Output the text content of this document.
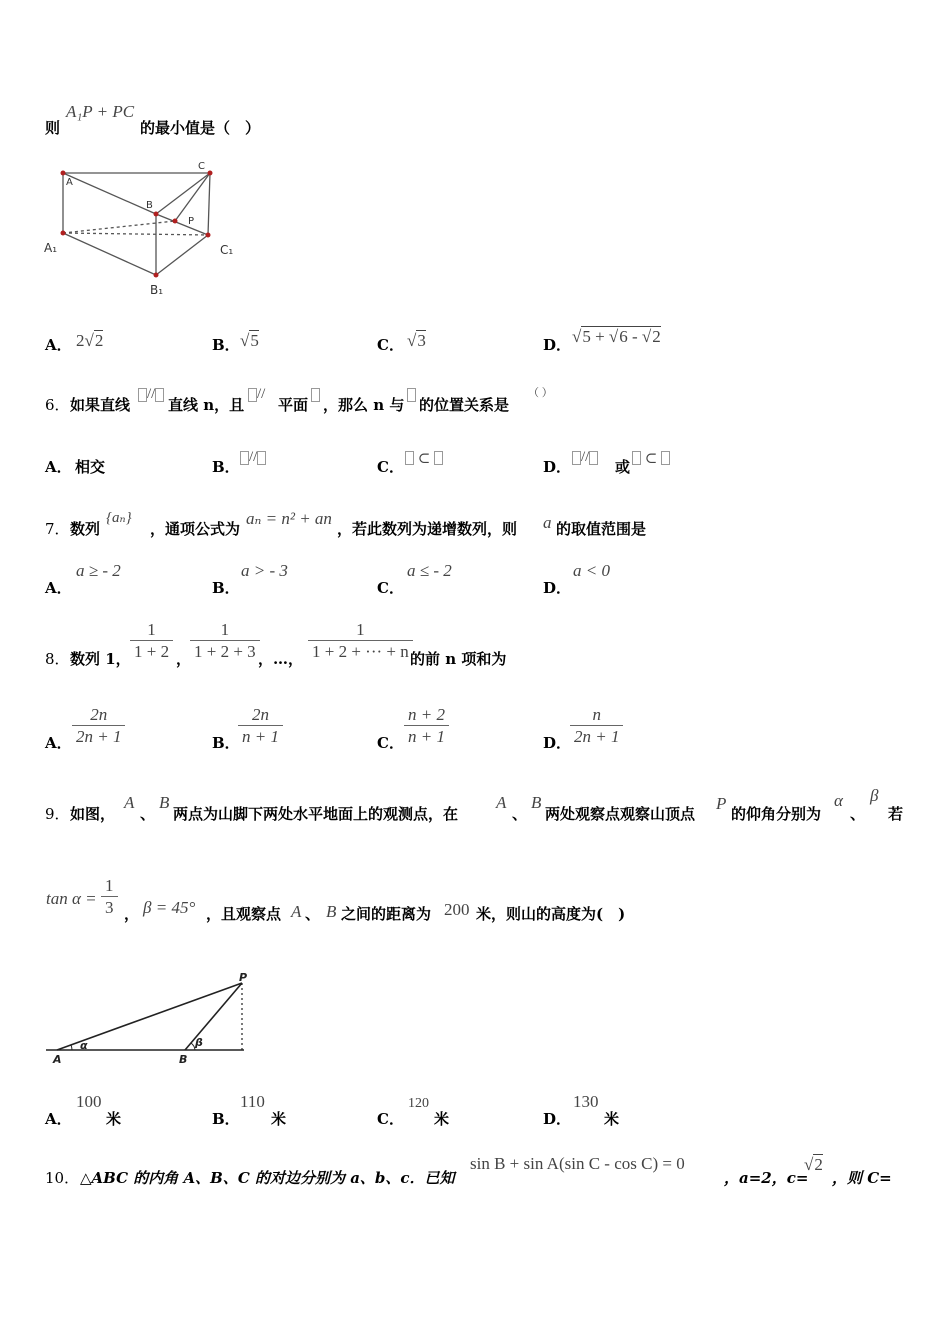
则
A₁P + PC
的最小值是（　）
A
C
B
P
A₁	C₁
B₁
A． 2√2	B． √5	C． √3	D． √5 + √6 - √2
6． 如果直线
//
直线 n，且
//
平面 ，那么 n 与 的位置关系是
（ ）
A． 相交	B．
//
C． ⊂	D．
//
或 ⊂
7． 数列
{aₙ}
，通项公式为
aₙ = n² + an
，若此数列为递增数列，则 a 的取值范围是
A．
a ≥ - 2
B．
a > - 3
C．
a ≤ - 2
D．
a < 0
8． 数列 1， $\frac{1}{1 + 2}$ ，
$\frac{1}{1 + 2 + 3}$
，…， $\frac{1}{1 + 2 + \cdot\cdot\cdot + n}$
的前 n 项和为
A． $\frac{2n}{2n + 1}$	B．
$\frac{2n}{n + 1}$	C． $\frac{n + 2}{n + 1}$	D．
$\frac{n}{2n + 1}$
9． 如图，
A
、
B
两点为山脚下两处水平地面上的观测点，在
A
、
B
两处观察点观察山顶点
P
的仰角分别为
α
、
β
若
$\tan \alpha = \frac{1}{3}$ ， β = 45° ，且观察点 A 、 B 之间的距离为 200 米，则山的高度为(　)
A	B
P
α	β
A．
100
米	B．
110
米	C．
120
米	D．
130
米
10． △ABC 的内角 A、B、C 的对边分别为 a、b、c．已知
sin B + sin A(sin C - cos C) = 0
，a=2，c=
√2
，则 C=
